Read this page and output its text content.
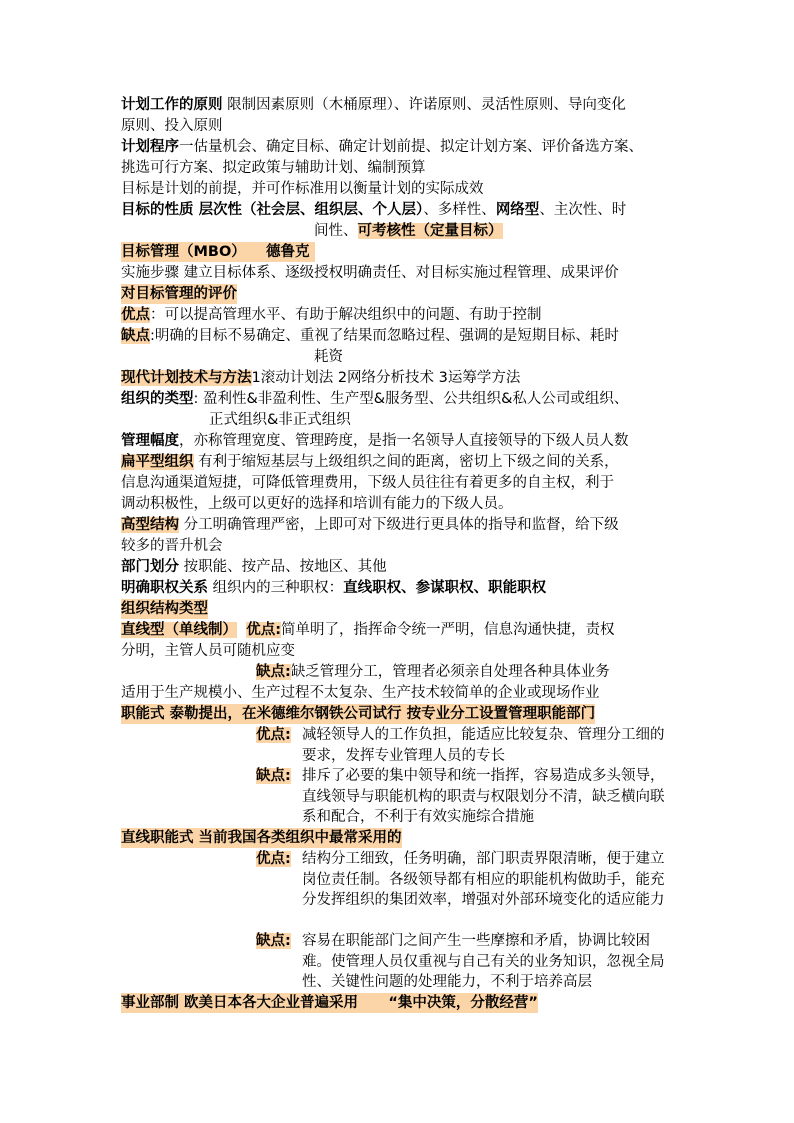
计划工作的原则 限制因素原则（木桶原理）、许诺原则、灵活性原则、导向变化
原则、投入原则
计划程序一估量机会、确定目标、确定计划前提、拟定计划方案、评价备选方案、
挑选可行方案、拟定政策与辅助计划、编制预算
目标是计划的前提，并可作标准用以衡量计划的实际成效
目标的性质 层次性（社会层、组织层、个人层）、多样性、网络型、主次性、时
间性、可考核性（定量目标）
目标管理（MBO） 德鲁克
实施步骤 建立目标体系、逐级授权明确责任、对目标实施过程管理、成果评价
对目标管理的评价
优点：可以提高管理水平、有助于解决组织中的问题、有助于控制
缺点:明确的目标不易确定、重视了结果而忽略过程、强调的是短期目标、耗时
耗资
现代计划技术与方法1滚动计划法 2网络分析技术 3运筹学方法
组织的类型: 盈利性&非盈利性、生产型&服务型、公共组织&私人公司或组织、
正式组织&非正式组织
管理幅度，亦称管理宽度、管理跨度，是指一名领导人直接领导的下级人员人数
扁平型组织 有利于缩短基层与上级组织之间的距离，密切上下级之间的关系，
信息沟通渠道短捷，可降低管理费用，下级人员往往有着更多的自主权，利于
调动积极性，上级可以更好的选择和培训有能力的下级人员。
高型结构 分工明确管理严密，上即可对下级进行更具体的指导和监督，给下级
较多的晋升机会
部门划分 按职能、按产品、按地区、其他
明确职权关系 组织内的三种职权：直线职权、参谋职权、职能职权
组织结构类型
直线型（单线制） 优点:简单明了，指挥命令统一严明，信息沟通快捷，责权
分明，主管人员可随机应变
缺点:缺乏管理分工，管理者必须亲自处理各种具体业务
适用于生产规模小、生产过程不太复杂、生产技术较简单的企业或现场作业
职能式 泰勒提出，在米德维尔钢铁公司试行 按专业分工设置管理职能部门
优点: 减轻领导人的工作负担，能适应比较复杂、管理分工细的要求，发挥专业管理人员的专长
缺点: 排斥了必要的集中领导和统一指挥，容易造成多头领导，直线领导与职能机构的职责与权限划分不清，缺乏横向联系和配合，不利于有效实施综合措施
直线职能式 当前我国各类组织中最常采用的
优点: 结构分工细致，任务明确，部门职责界限清晰，便于建立岗位责任制。各级领导都有相应的职能机构做助手，能充分发挥组织的集团效率，增强对外部环境变化的适应能力
缺点: 容易在职能部门之间产生一些摩擦和矛盾，协调比较困难。使管理人员仅重视与自己有关的业务知识，忽视全局性、关键性问题的处理能力，不利于培养高层
事业部制 欧美日本各大企业普遍采用 “集中决策，分散经营”
